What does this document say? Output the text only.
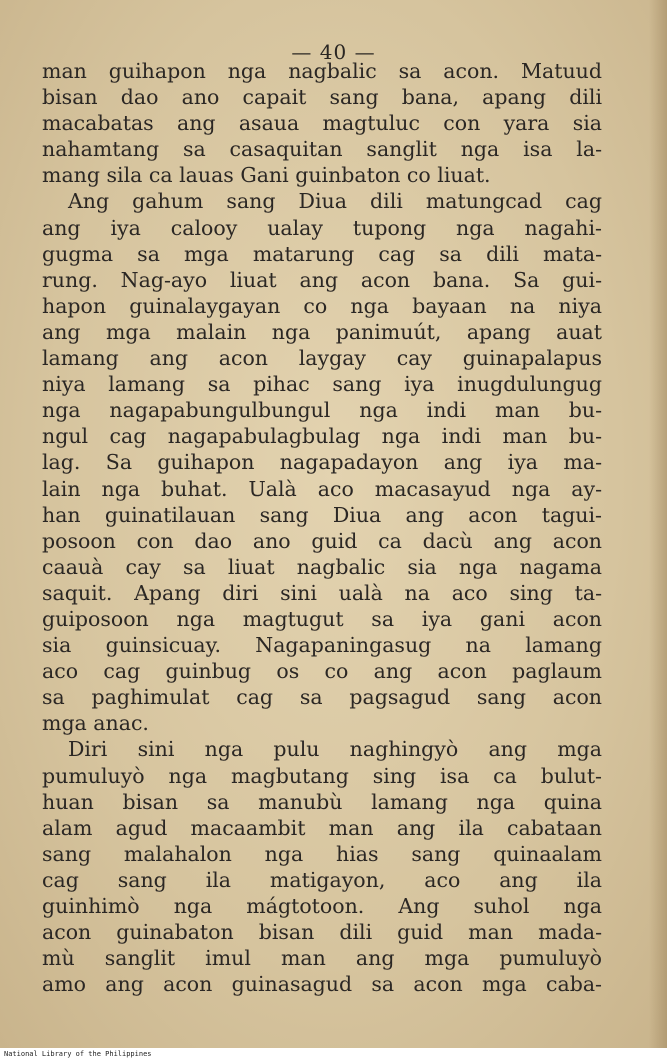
— 40 —
man guihapon nga nagbalic sa acon. Matuud
bisan dao ano capait sang bana, apang dili
macabatas ang asaua magtuluc con yara sia
nahamtang sa casaquitan sanglit nga isa la-
mang sila ca lauas Gani guinbaton co liuat.
Ang gahum sang Diua dili matungcad cag
ang iya calooy ualay tupong nga nagahi-
gugma sa mga matarung cag sa dili mata-
rung. Nag-ayo liuat ang acon bana. Sa gui-
hapon guinalaygayan co nga bayaan na niya
ang mga malain nga panimuút, apang auat
lamang ang acon laygay cay guinapalapus
niya lamang sa pihac sang iya inugdulungug
nga nagapabungulbungul nga indi man bu-
ngul cag nagapabulagbulag nga indi man bu-
lag. Sa guihapon nagapadayon ang iya ma-
lain nga buhat. Ualà aco macasayud nga ay-
han guinatilauan sang Diua ang acon tagui-
posoon con dao ano guid ca dacù ang acon
caauà cay sa liuat nagbalic sia nga nagama
saquit. Apang diri sini ualà na aco sing ta-
guiposoon nga magtugut sa iya gani acon
sia guinsicuay. Nagapaningasug na lamang
aco cag guinbug os co ang acon paglaum
sa paghimulat cag sa pagsagud sang acon
mga anac.
Diri sini nga pulu naghingyò ang mga
pumuluyò nga magbutang sing isa ca bulut-
huan bisan sa manubù lamang nga quina
alam agud macaambit man ang ila cabataan
sang malahalon nga hias sang quinaalam
cag sang ila matigayon, aco ang ila
guinhimò nga mágtotoon. Ang suhol nga
acon guinabaton bisan dili guid man mada-
mù sanglit imul man ang mga pumuluyò
amo ang acon guinasagud sa acon mga caba-
National Library of the Philippines
